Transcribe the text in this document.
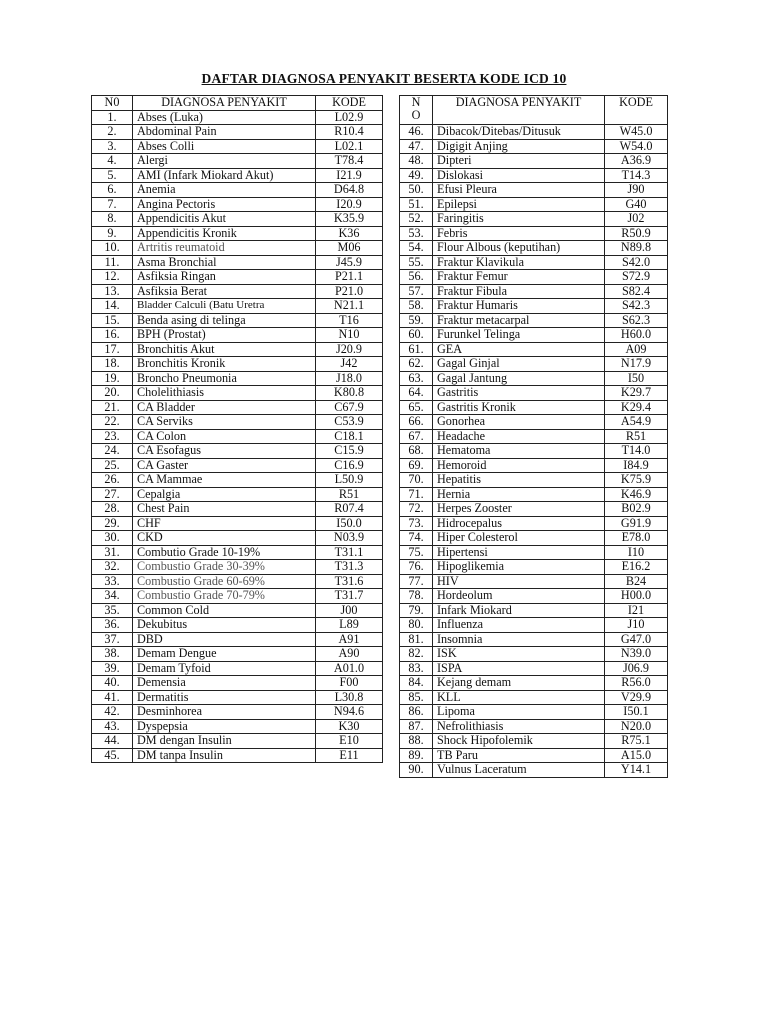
DAFTAR DIAGNOSA PENYAKIT BESERTA KODE ICD 10
N0	DIAGNOSA PENYAKIT	KODE
1.	Abses (Luka)	L02.9
2.	Abdominal Pain	R10.4
3.	Abses Colli	L02.1
4.	Alergi	T78.4
5.	AMI (Infark Miokard Akut)	I21.9
6.	Anemia	D64.8
7.	Angina Pectoris	I20.9
8.	Appendicitis Akut	K35.9
9.	Appendicitis Kronik	K36
10.	Artritis reumatoid	M06
11.	Asma Bronchial	J45.9
12.	Asfiksia Ringan	P21.1
13.	Asfiksia Berat	P21.0
14.	Bladder Calculi (Batu Uretra	N21.1
15.	Benda asing di telinga	T16
16.	BPH (Prostat)	N10
17.	Bronchitis Akut	J20.9
18.	Bronchitis Kronik	J42
19.	Broncho Pneumonia	J18.0
20.	Cholelithiasis	K80.8
21.	CA Bladder	C67.9
22.	CA Serviks	C53.9
23.	CA Colon	C18.1
24.	CA Esofagus	C15.9
25.	CA Gaster	C16.9
26.	CA Mammae	L50.9
27.	Cepalgia	R51
28.	Chest Pain	R07.4
29.	CHF	I50.0
30.	CKD	N03.9
31.	Combutio Grade 10-19%	T31.1
32.	Combustio Grade 30-39%	T31.3
33.	Combustio Grade 60-69%	T31.6
34.	Combustio Grade 70-79%	T31.7
35.	Common Cold	J00
36.	Dekubitus	L89
37.	DBD	A91
38.	Demam Dengue	A90
39.	Demam Tyfoid	A01.0
40.	Demensia	F00
41.	Dermatitis	L30.8
42.	Desminhorea	N94.6
43.	Dyspepsia	K30
44.	DM dengan Insulin	E10
45.	DM tanpa Insulin	E11
N
O	DIAGNOSA PENYAKIT	KODE
46.	Dibacok/Ditebas/Ditusuk	W45.0
47.	Digigit Anjing	W54.0
48.	Dipteri	A36.9
49.	Dislokasi	T14.3
50.	Efusi Pleura	J90
51.	Epilepsi	G40
52.	Faringitis	J02
53.	Febris	R50.9
54.	Flour Albous (keputihan)	N89.8
55.	Fraktur Klavikula	S42.0
56.	Fraktur Femur	S72.9
57.	Fraktur Fibula	S82.4
58.	Fraktur Humaris	S42.3
59.	Fraktur metacarpal	S62.3
60.	Furunkel Telinga	H60.0
61.	GEA	A09
62.	Gagal Ginjal	N17.9
63.	Gagal Jantung	I50
64.	Gastritis	K29.7
65.	Gastritis Kronik	K29.4
66.	Gonorhea	A54.9
67.	Headache	R51
68.	Hematoma	T14.0
69.	Hemoroid	I84.9
70.	Hepatitis	K75.9
71.	Hernia	K46.9
72.	Herpes Zooster	B02.9
73.	Hidrocepalus	G91.9
74.	Hiper Colesterol	E78.0
75.	Hipertensi	I10
76.	Hipoglikemia	E16.2
77.	HIV	B24
78.	Hordeolum	H00.0
79.	Infark Miokard	I21
80.	Influenza	J10
81.	Insomnia	G47.0
82.	ISK	N39.0
83.	ISPA	J06.9
84.	Kejang demam	R56.0
85.	KLL	V29.9
86.	Lipoma	I50.1
87.	Nefrolithiasis	N20.0
88.	Shock Hipofolemik	R75.1
89.	TB Paru	A15.0
90.	Vulnus Laceratum	Y14.1
